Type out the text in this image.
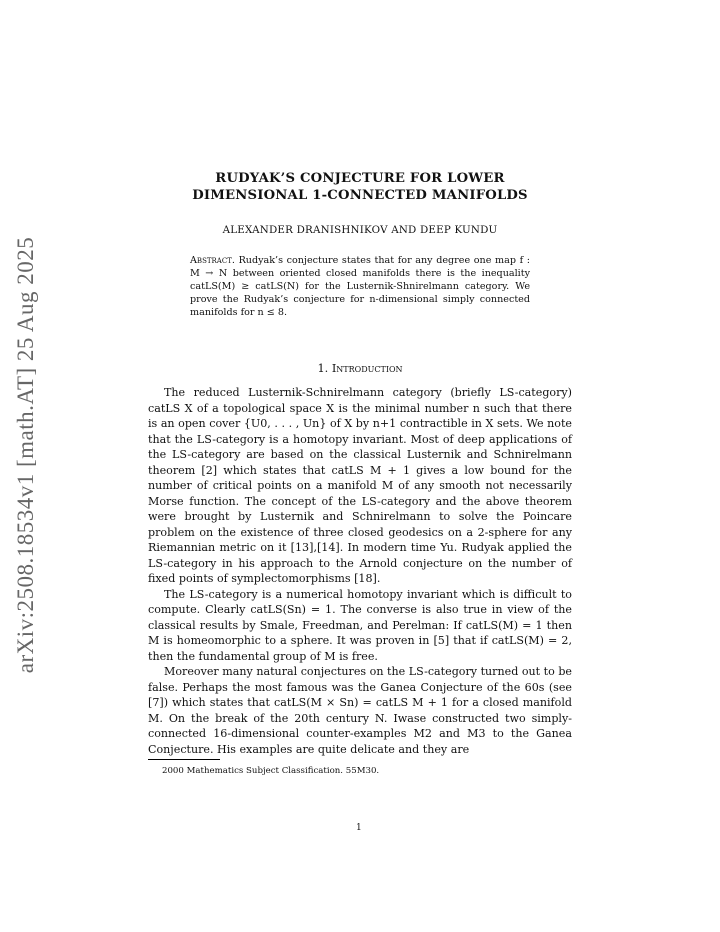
arXiv:2508.18534v1 [math.AT] 25 Aug 2025
RUDYAK’S CONJECTURE FOR LOWER
DIMENSIONAL 1-CONNECTED MANIFOLDS
ALEXANDER DRANISHNIKOV AND DEEP KUNDU
Abstract. Rudyak’s conjecture states that for any degree one map f : M → N between oriented closed manifolds there is the inequality catLS(M) ≥ catLS(N) for the Lusternik-Shnirelmann category. We prove the Rudyak’s conjecture for n-dimensional simply connected manifolds for n ≤ 8.
1. Introduction

The reduced Lusternik-Schnirelmann category (briefly LS-category) catLS X of a topological space X is the minimal number n such that there is an open cover {U0, . . . , Un} of X by n+1 contractible in X sets. We note that the LS-category is a homotopy invariant. Most of deep applications of the LS-category are based on the classical Lusternik and Schnirelmann theorem [2] which states that catLS M + 1 gives a low bound for the number of critical points on a manifold M of any smooth not necessarily Morse function. The concept of the LS-category and the above theorem were brought by Lusternik and Schnirelmann to solve the Poincare problem on the existence of three closed geodesics on a 2-sphere for any Riemannian metric on it [13],[14]. In modern time Yu. Rudyak applied the LS-category in his approach to the Arnold conjecture on the number of fixed points of symplectomorphisms [18].

The LS-category is a numerical homotopy invariant which is difficult to compute. Clearly catLS(Sn) = 1. The converse is also true in view of the classical results by Smale, Freedman, and Perelman: If catLS(M) = 1 then M is homeomorphic to a sphere. It was proven in [5] that if catLS(M) = 2, then the fundamental group of M is free.

Moreover many natural conjectures on the LS-category turned out to be false. Perhaps the most famous was the Ganea Conjecture of the 60s (see [7]) which states that catLS(M × Sn) = catLS M + 1 for a closed manifold M. On the break of the 20th century N. Iwase constructed two simply-connected 16-dimensional counter-examples M2 and M3 to the Ganea Conjecture. His examples are quite delicate and they are

2000 Mathematics Subject Classification. 55M30.
1
